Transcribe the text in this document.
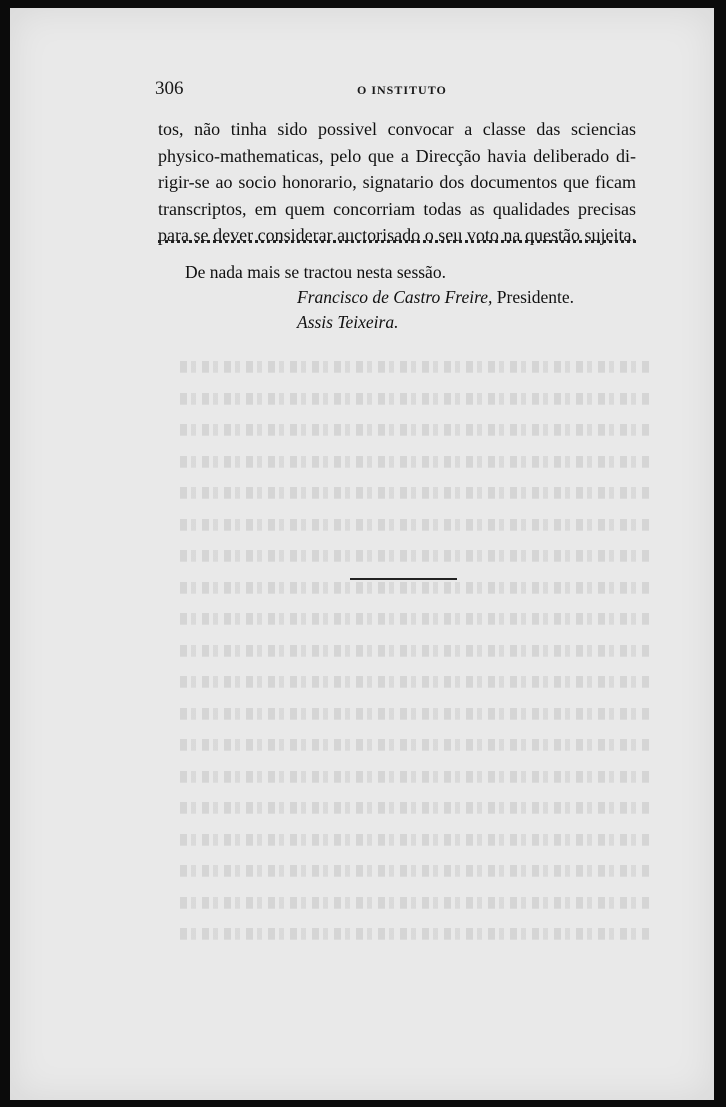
306	O INSTITUTO
tos, não tinha sido possivel convocar a classe das sciencias
physico-mathematicas, pelo que a Direcção havia deliberado di-
rigir-se ao socio honorario, signatario dos documentos que ficam
transcriptos, em quem concorriam todas as qualidades precisas
para se dever considerar auctorisado o seu voto na questão sujeita.
De nada mais se tractou nesta sessão.
Francisco de Castro Freire, Presidente.
Assis Teixeira.
